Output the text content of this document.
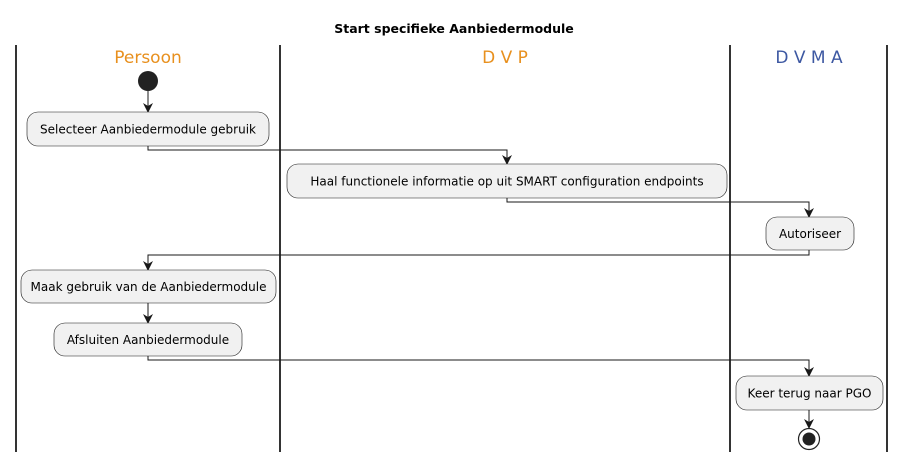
Start specifieke Aanbiedermodule
Persoon	D V P	D V M A
Selecteer Aanbiedermodule gebruik
Haal functionele informatie op uit SMART configuration endpoints
Autoriseer
Maak gebruik van de Aanbiedermodule
Afsluiten Aanbiedermodule
Keer terug naar PGO
